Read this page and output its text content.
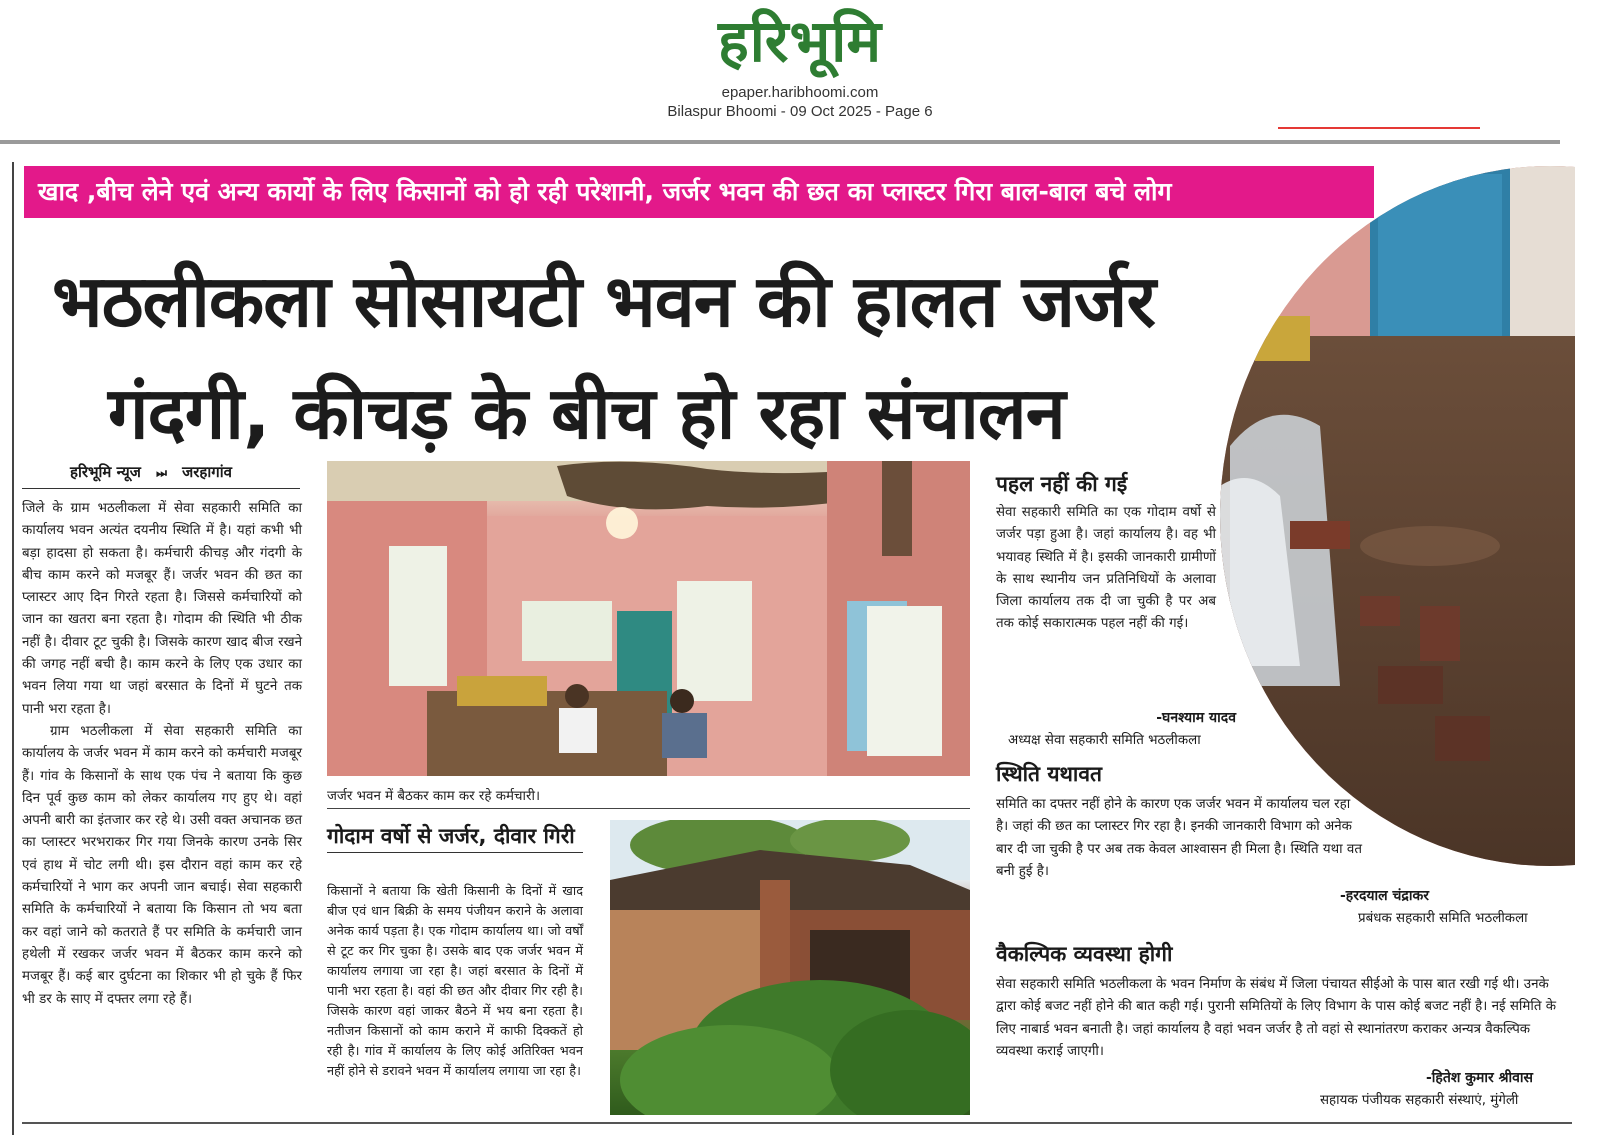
हरिभूमि
epaper.haribhoomi.com
Bilaspur Bhoomi - 09 Oct 2025 - Page 6
खाद ,बीच लेने एवं अन्य कार्यो के लिए किसानों को हो रही परेशानी, जर्जर भवन की छत का प्लास्टर गिरा बाल-बाल बचे लोग
भठलीकला सोसायटी भवन की हालत जर्जर
गंदगी, कीचड़ के बीच हो रहा संचालन
हरिभूमि न्यूज ⏭ जरहागांव

जिले के ग्राम भठलीकला में सेवा सहकारी समिति का कार्यालय भवन अत्यंत दयनीय स्थिति में है। यहां कभी भी बड़ा हादसा हो सकता है। कर्मचारी कीचड़ और गंदगी के बीच काम करने को मजबूर हैं। जर्जर भवन की छत का प्लास्टर आए दिन गिरते रहता है। जिससे कर्मचारियों को जान का खतरा बना रहता है। गोदाम की स्थिति भी ठीक नहीं है। दीवार टूट चुकी है। जिसके कारण खाद बीज रखने की जगह नहीं बची है। काम करने के लिए एक उधार का भवन लिया गया था जहां बरसात के दिनों में घुटने तक पानी भरा रहता है।

ग्राम भठलीकला में सेवा सहकारी समिति का कार्यालय के जर्जर भवन में काम करने को कर्मचारी मजबूर हैं। गांव के किसानों के साथ एक पंच ने बताया कि कुछ दिन पूर्व कुछ काम को लेकर कार्यालय गए हुए थे। वहां अपनी बारी का इंतजार कर रहे थे। उसी वक्त अचानक छत का प्लास्टर भरभराकर गिर गया जिनके कारण उनके सिर एवं हाथ में चोट लगी थी। इस दौरान वहां काम कर रहे कर्मचारियों ने भाग कर अपनी जान बचाई। सेवा सहकारी समिति के कर्मचारियों ने बताया कि किसान तो भय बता कर वहां जाने को कतराते हैं पर समिति के कर्मचारी जान हथेली में रखकर जर्जर भवन में बैठकर काम करने को मजबूर हैं। कई बार दुर्घटना का शिकार भी हो चुके हैं फिर भी डर के साए में दफ्तर लगा रहे हैं।

जर्जर भवन में बैठकर काम कर रहे कर्मचारी।
गोदाम वर्षो से जर्जर, दीवार गिरी
किसानों ने बताया कि खेती किसानी के दिनों में खाद बीज एवं धान बिक्री के समय पंजीयन कराने के अलावा अनेक कार्य पड़ता है। एक गोदाम कार्यालय था। जो वर्षों से टूट कर गिर चुका है। उसके बाद एक जर्जर भवन में कार्यालय लगाया जा रहा है। जहां बरसात के दिनों में पानी भरा रहता है। वहां की छत और दीवार गिर रही है। जिसके कारण वहां जाकर बैठने में भय बना रहता है। नतीजन किसानों को काम कराने में काफी दिक्कतें हो रही है। गांव में कार्यालय के लिए कोई अतिरिक्त भवन नहीं होने से डरावने भवन में कार्यालय लगाया जा रहा है।
पहल नहीं की गई
सेवा सहकारी समिति का एक गोदाम वर्षो से जर्जर पड़ा हुआ है। जहां कार्यालय है। वह भी भयावह स्थिति में है। इसकी जानकारी ग्रामीणों के साथ स्थानीय जन प्रतिनिधियों के अलावा जिला कार्यालय तक दी जा चुकी है पर अब तक कोई सकारात्मक पहल नहीं की गई।
-घनश्याम यादव
अध्यक्ष सेवा सहकारी समिति भठलीकला
स्थिति यथावत
समिति का दफ्तर नहीं होने के कारण एक जर्जर भवन में कार्यालय चल रहा है। जहां की छत का प्लास्टर गिर रहा है। इनकी जानकारी विभाग को अनेक बार दी जा चुकी है पर अब तक केवल आश्वासन ही मिला है। स्थिति यथा वत बनी हुई है।
-हरदयाल चंद्राकर
प्रबंधक सहकारी समिति भठलीकला
वैकल्पिक व्यवस्था होगी
सेवा सहकारी समिति भठलीकला के भवन निर्माण के संबंध में जिला पंचायत सीईओ के पास बात रखी गई थी। उनके द्वारा कोई बजट नहीं होने की बात कही गई। पुरानी समितियों के लिए विभाग के पास कोई बजट नहीं है। नई समिति के लिए नाबार्ड भवन बनाती है। जहां कार्यालय है वहां भवन जर्जर है तो वहां से स्थानांतरण कराकर अन्यत्र वैकल्पिक व्यवस्था कराई जाएगी।
-हितेश कुमार श्रीवास
सहायक पंजीयक सहकारी संस्थाएं, मुंगेली
